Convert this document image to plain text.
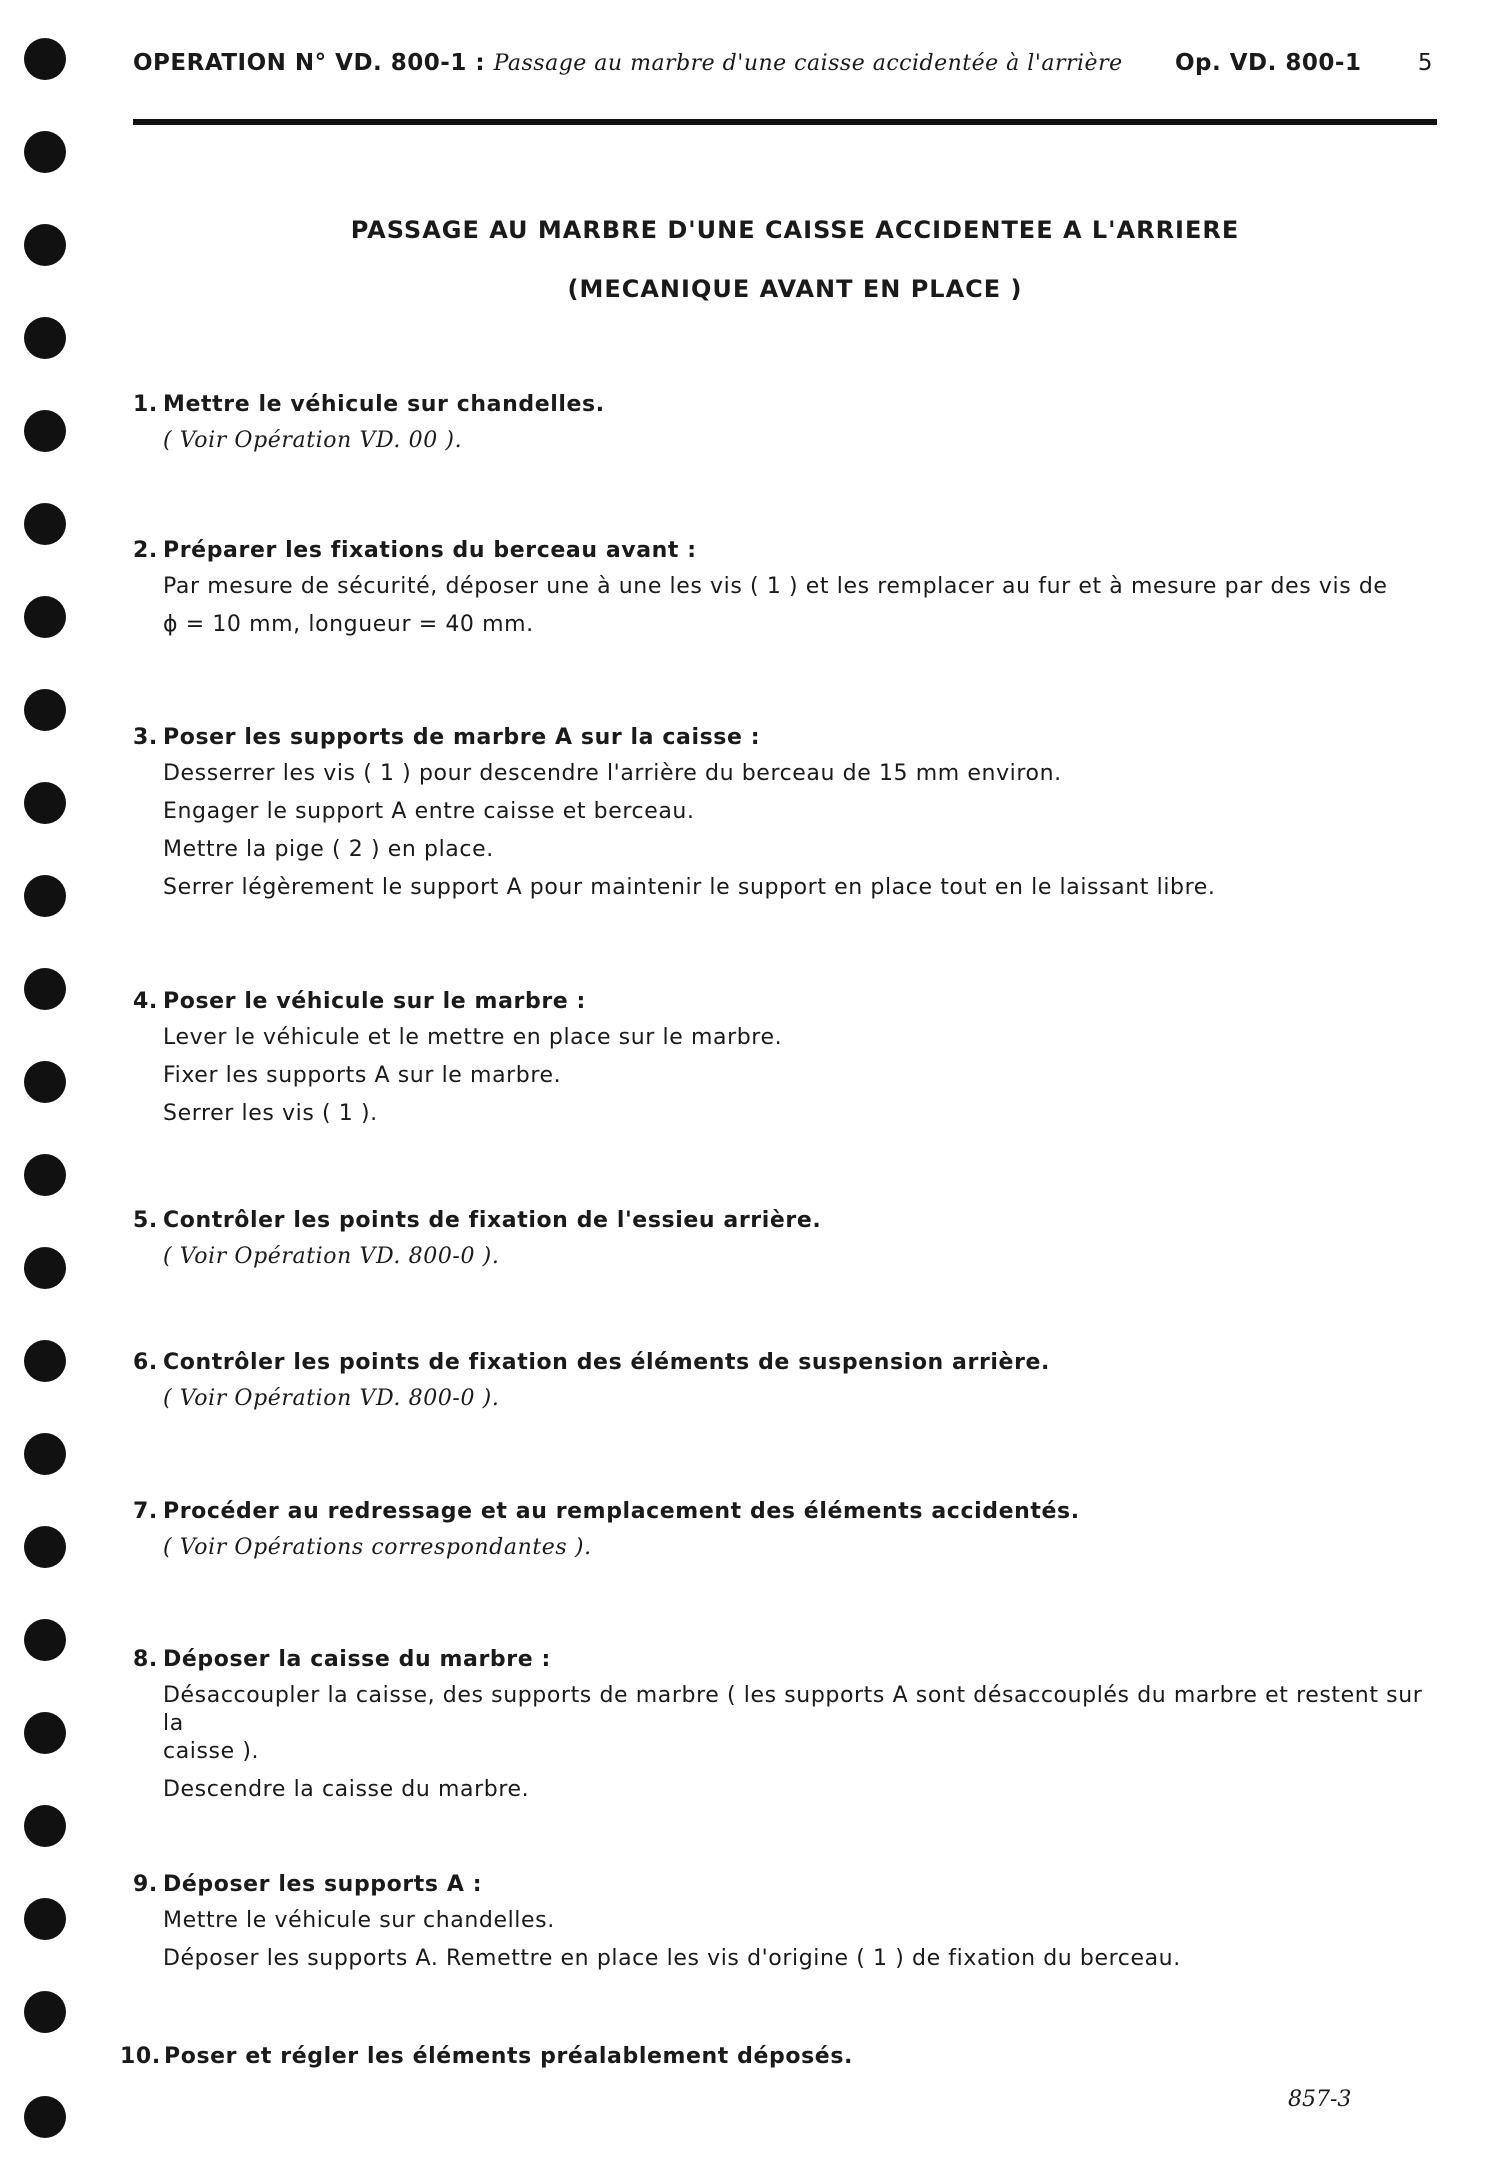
OPERATION N° VD. 800-1 : Passage au marbre d'une caisse accidentée à l'arrière Op. VD. 800-1 5
PASSAGE AU MARBRE D'UNE CAISSE ACCIDENTEE A L'ARRIERE
(MECANIQUE AVANT EN PLACE )
1. Mettre le véhicule sur chandelles.
( Voir Opération VD. 00 ).
2. Préparer les fixations du berceau avant :
Par mesure de sécurité, déposer une à une les vis ( 1 ) et les remplacer au fur et à mesure par des vis de
ϕ = 10 mm, longueur = 40 mm.
3. Poser les supports de marbre A sur la caisse :
Desserrer les vis ( 1 ) pour descendre l'arrière du berceau de 15 mm environ.
Engager le support A entre caisse et berceau.
Mettre la pige ( 2 ) en place.
Serrer légèrement le support A pour maintenir le support en place tout en le laissant libre.
4. Poser le véhicule sur le marbre :
Lever le véhicule et le mettre en place sur le marbre.
Fixer les supports A sur le marbre.
Serrer les vis ( 1 ).
5. Contrôler les points de fixation de l'essieu arrière.
( Voir Opération VD. 800-0 ).
6. Contrôler les points de fixation des éléments de suspension arrière.
( Voir Opération VD. 800-0 ).
7. Procéder au redressage et au remplacement des éléments accidentés.
( Voir Opérations correspondantes ).
8. Déposer la caisse du marbre :
Désaccoupler la caisse, des supports de marbre ( les supports A sont désaccouplés du marbre et restent sur la
caisse ).
Descendre la caisse du marbre.
9. Déposer les supports A :
Mettre le véhicule sur chandelles.
Déposer les supports A. Remettre en place les vis d'origine ( 1 ) de fixation du berceau.
10. Poser et régler les éléments préalablement déposés.
857-3
